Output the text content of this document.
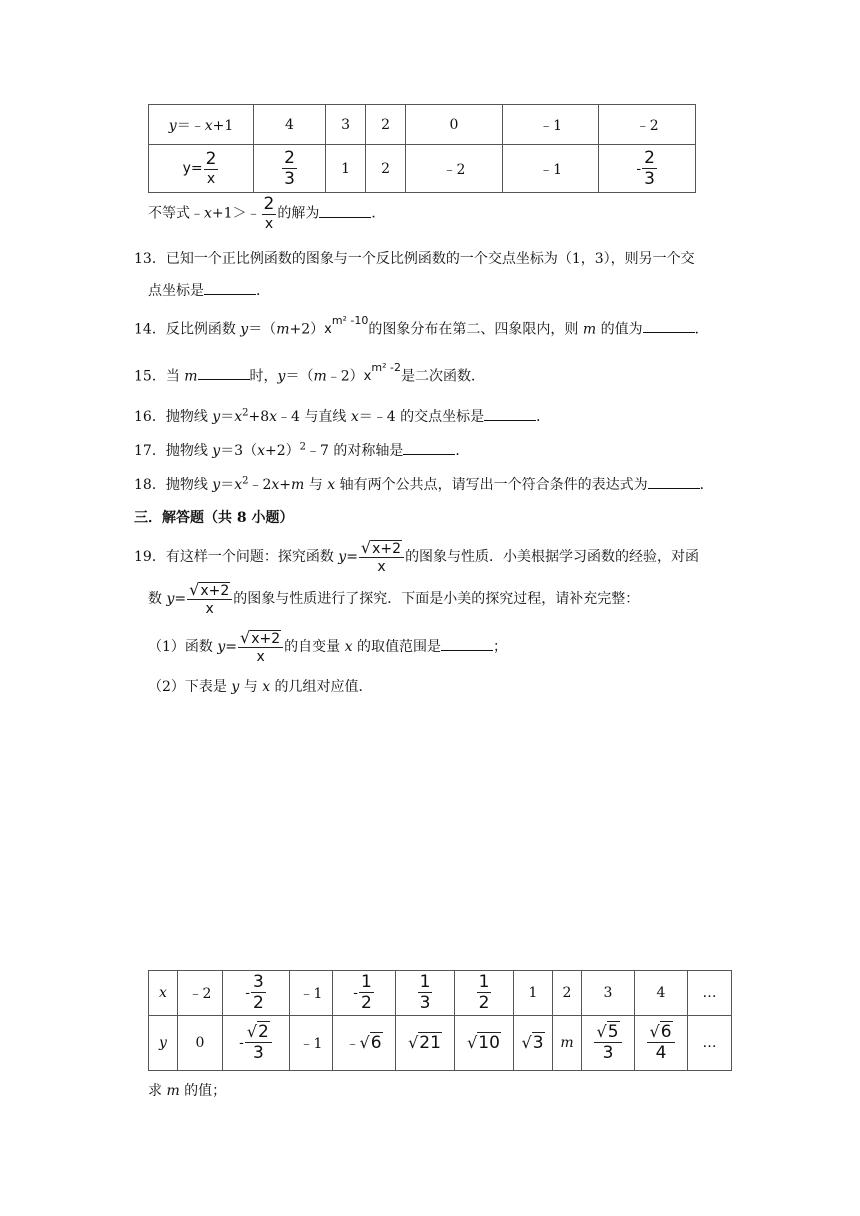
y＝﹣x+1	4	3	2	0	﹣1	﹣2
$y= \frac{2}{x}$	$\frac{2}{3}$	1	2	﹣2	﹣1	- $\frac{2}{3}$
不等式﹣x+1＞﹣ $\frac{2}{x}$ 的解为	．
13．已知一个正比例函数的图象与一个反比例函数的一个交点坐标为（1，3），则另一个交
点坐标是	．
14．反比例函数 $y=(m+2)x^{m^2 -10}$的图象分布在第二、四象限内，则 m 的值为	．
15．当 m	时，$y=(m﹣2)x^{m^2 -2}$是二次函数．
16．抛物线 $y=x^2+8x﹣4$ 与直线 x＝﹣4 的交点坐标是	．
17．抛物线 $y=3(x+2)^2﹣7$ 的对称轴是	．
18．抛物线 $y=x^2﹣2x+m$ 与 x 轴有两个公共点，请写出一个符合条件的表达式为	．
三．解答题（共 8 小题）
19．有这样一个问题：探究函数 $y= \frac{√x+2}{x}$ 的图象与性质．小美根据学习函数的经验，对函
数 $y= \frac{√x+2}{x}$ 的图象与性质进行了探究．下面是小美的探究过程，请补充完整：
（1）函数 $y= \frac{√x+2}{x}$ 的自变量 x 的取值范围是	；
（2）下表是 y 与 x 的几组对应值．
x	﹣2	- $\frac{3}{2}$	﹣1	- $\frac{1}{2}$	$\frac{1}{3}$	$\frac{1}{2}$	1	2	3	4	…
y	0	- $\frac{√2}{3}$	﹣1	﹣√6	√21	√10	√3	m	$\frac{√5}{3}$	$\frac{√6}{4}$	…
求 m 的值；
